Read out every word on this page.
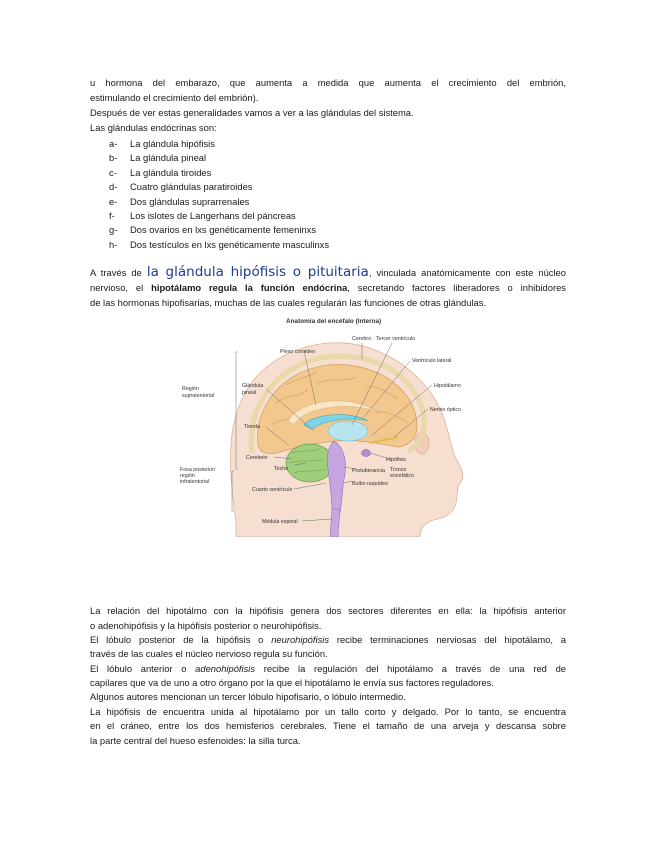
u hormona del embarazo, que aumenta a medida que aumenta el crecimiento del embrión,
estimulando el crecimiento del embrión).
Después de ver estas generalidades vamos a ver a las glándulas del sistema.
Las glándulas endócrinas son:
a-	La glándula hipófisis
b-	La glándula pineal
c-	La glándula tiroides
d-	Cuatro glándulas paratiroides
e-	Dos glándulas suprarrenales
f-	Los islotes de Langerhans del páncreas
g-	Dos ovarios en lxs genéticamente femeninxs
h-	Dos testículos en lxs genéticamente masculinxs
A través de la glándula hipófisis o pituitaria, vinculada anatómicamente con este núcleo
nervioso, el hipotálamo regula la función endócrina, secretando factores liberadores o inhibidores
de las hormonas hipofisarias, muchas de las cuales regularán las funciones de otras glándulas.
Anatomía del encéfalo (Interna)
Cerebro Tercer ventrículo
Plexo coroideo
Ventrículo lateral
Región
supratentorial
Glándula
pineal
Hipotálamo
Nervio óptico
Tienda
Hipófisis
Cerebelo
Techo	Protuberancia Tronco
encefálico
Fosa posterior/
región
infratentorial	Bulbo raquídeo
Cuarto ventrículo
Médula espinal
La relación del hipotálmo con la hipófisis genera dos sectores diferentes en ella: la hipófisis anterior
o adenohipófisis y la hipófisis posterior o neurohipófisis.
El lóbulo posterior de la hipófisis o neurohipófisis recibe terminaciones nerviosas del hipotálamo, a
través de las cuales el núcleo nervioso regula su función.
El lóbulo anterior o adenohipófisis recibe la regulación del hipotálamo a través de una red de
capilares que va de uno a otro órgano por la que el hipotálamo le envía sus factores reguladores.
Algunos autores mencionan un tercer lóbulo hipofisario, o lóbulo intermedio.
La hipófisis de encuentra unida al hipotálamo por un tallo corto y delgado. Por lo tanto, se encuentra
en el cráneo, entre los dos hemisferios cerebrales. Tiene el tamaño de una arveja y descansa sobre
la parte central del hueso esfenoides: la silla turca.
